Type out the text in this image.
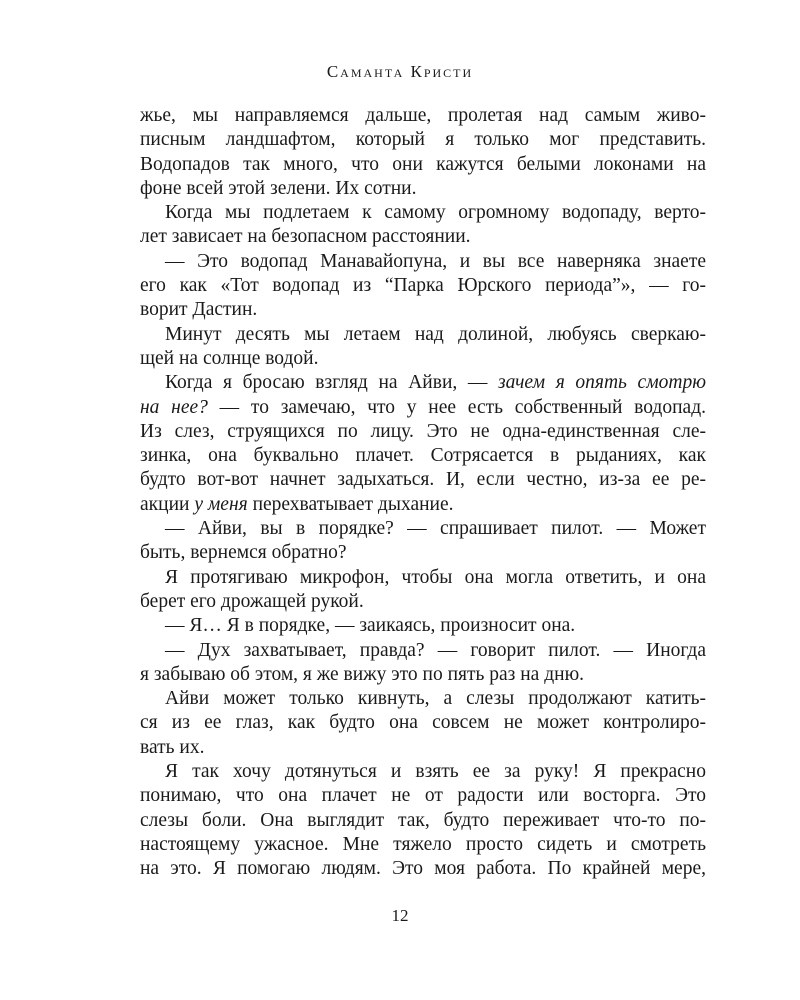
Саманта Кристи
жье, мы направляемся дальше, пролетая над самым живо-
писным ландшафтом, который я только мог представить.
Водопадов так много, что они кажутся белыми локонами на
фоне всей этой зелени. Их сотни.
Когда мы подлетаем к самому огромному водопаду, верто-
лет зависает на безопасном расстоянии.
— Это водопад Манавайопуна, и вы все наверняка знаете
его как «Тот водопад из “Парка Юрского периода”», — го-
ворит Дастин.
Минут десять мы летаем над долиной, любуясь сверкаю-
щей на солнце водой.
Когда я бросаю взгляд на Айви, — зачем я опять смотрю
на нее? — то замечаю, что у нее есть собственный водопад.
Из слез, струящихся по лицу. Это не одна-единственная сле-
зинка, она буквально плачет. Сотрясается в рыданиях, как
будто вот-вот начнет задыхаться. И, если честно, из-за ее ре-
акции у меня перехватывает дыхание.
— Айви, вы в порядке? — спрашивает пилот. — Может
быть, вернемся обратно?
Я протягиваю микрофон, чтобы она могла ответить, и она
берет его дрожащей рукой.
— Я… Я в порядке, — заикаясь, произносит она.
— Дух захватывает, правда? — говорит пилот. — Иногда
я забываю об этом, я же вижу это по пять раз на дню.
Айви может только кивнуть, а слезы продолжают катить-
ся из ее глаз, как будто она совсем не может контролиро-
вать их.
Я так хочу дотянуться и взять ее за руку! Я прекрасно
понимаю, что она плачет не от радости или восторга. Это
слезы боли. Она выглядит так, будто переживает что-то по-
настоящему ужасное. Мне тяжело просто сидеть и смотреть
на это. Я помогаю людям. Это моя работа. По крайней мере,
12
